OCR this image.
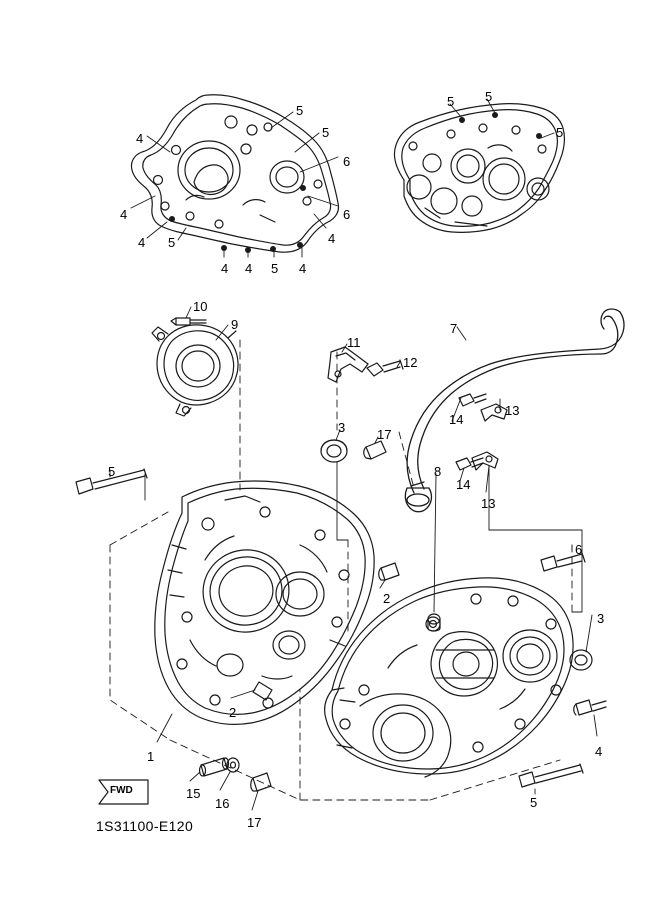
FWD
1S31100-E120
5
5
4
6
4	6
4 5	4
4 4 5 4
5 5
5
10
9
11
12
7
14
13
14
13
3 17
8
5
6
3
2
2
1
15
16
17
4
5
